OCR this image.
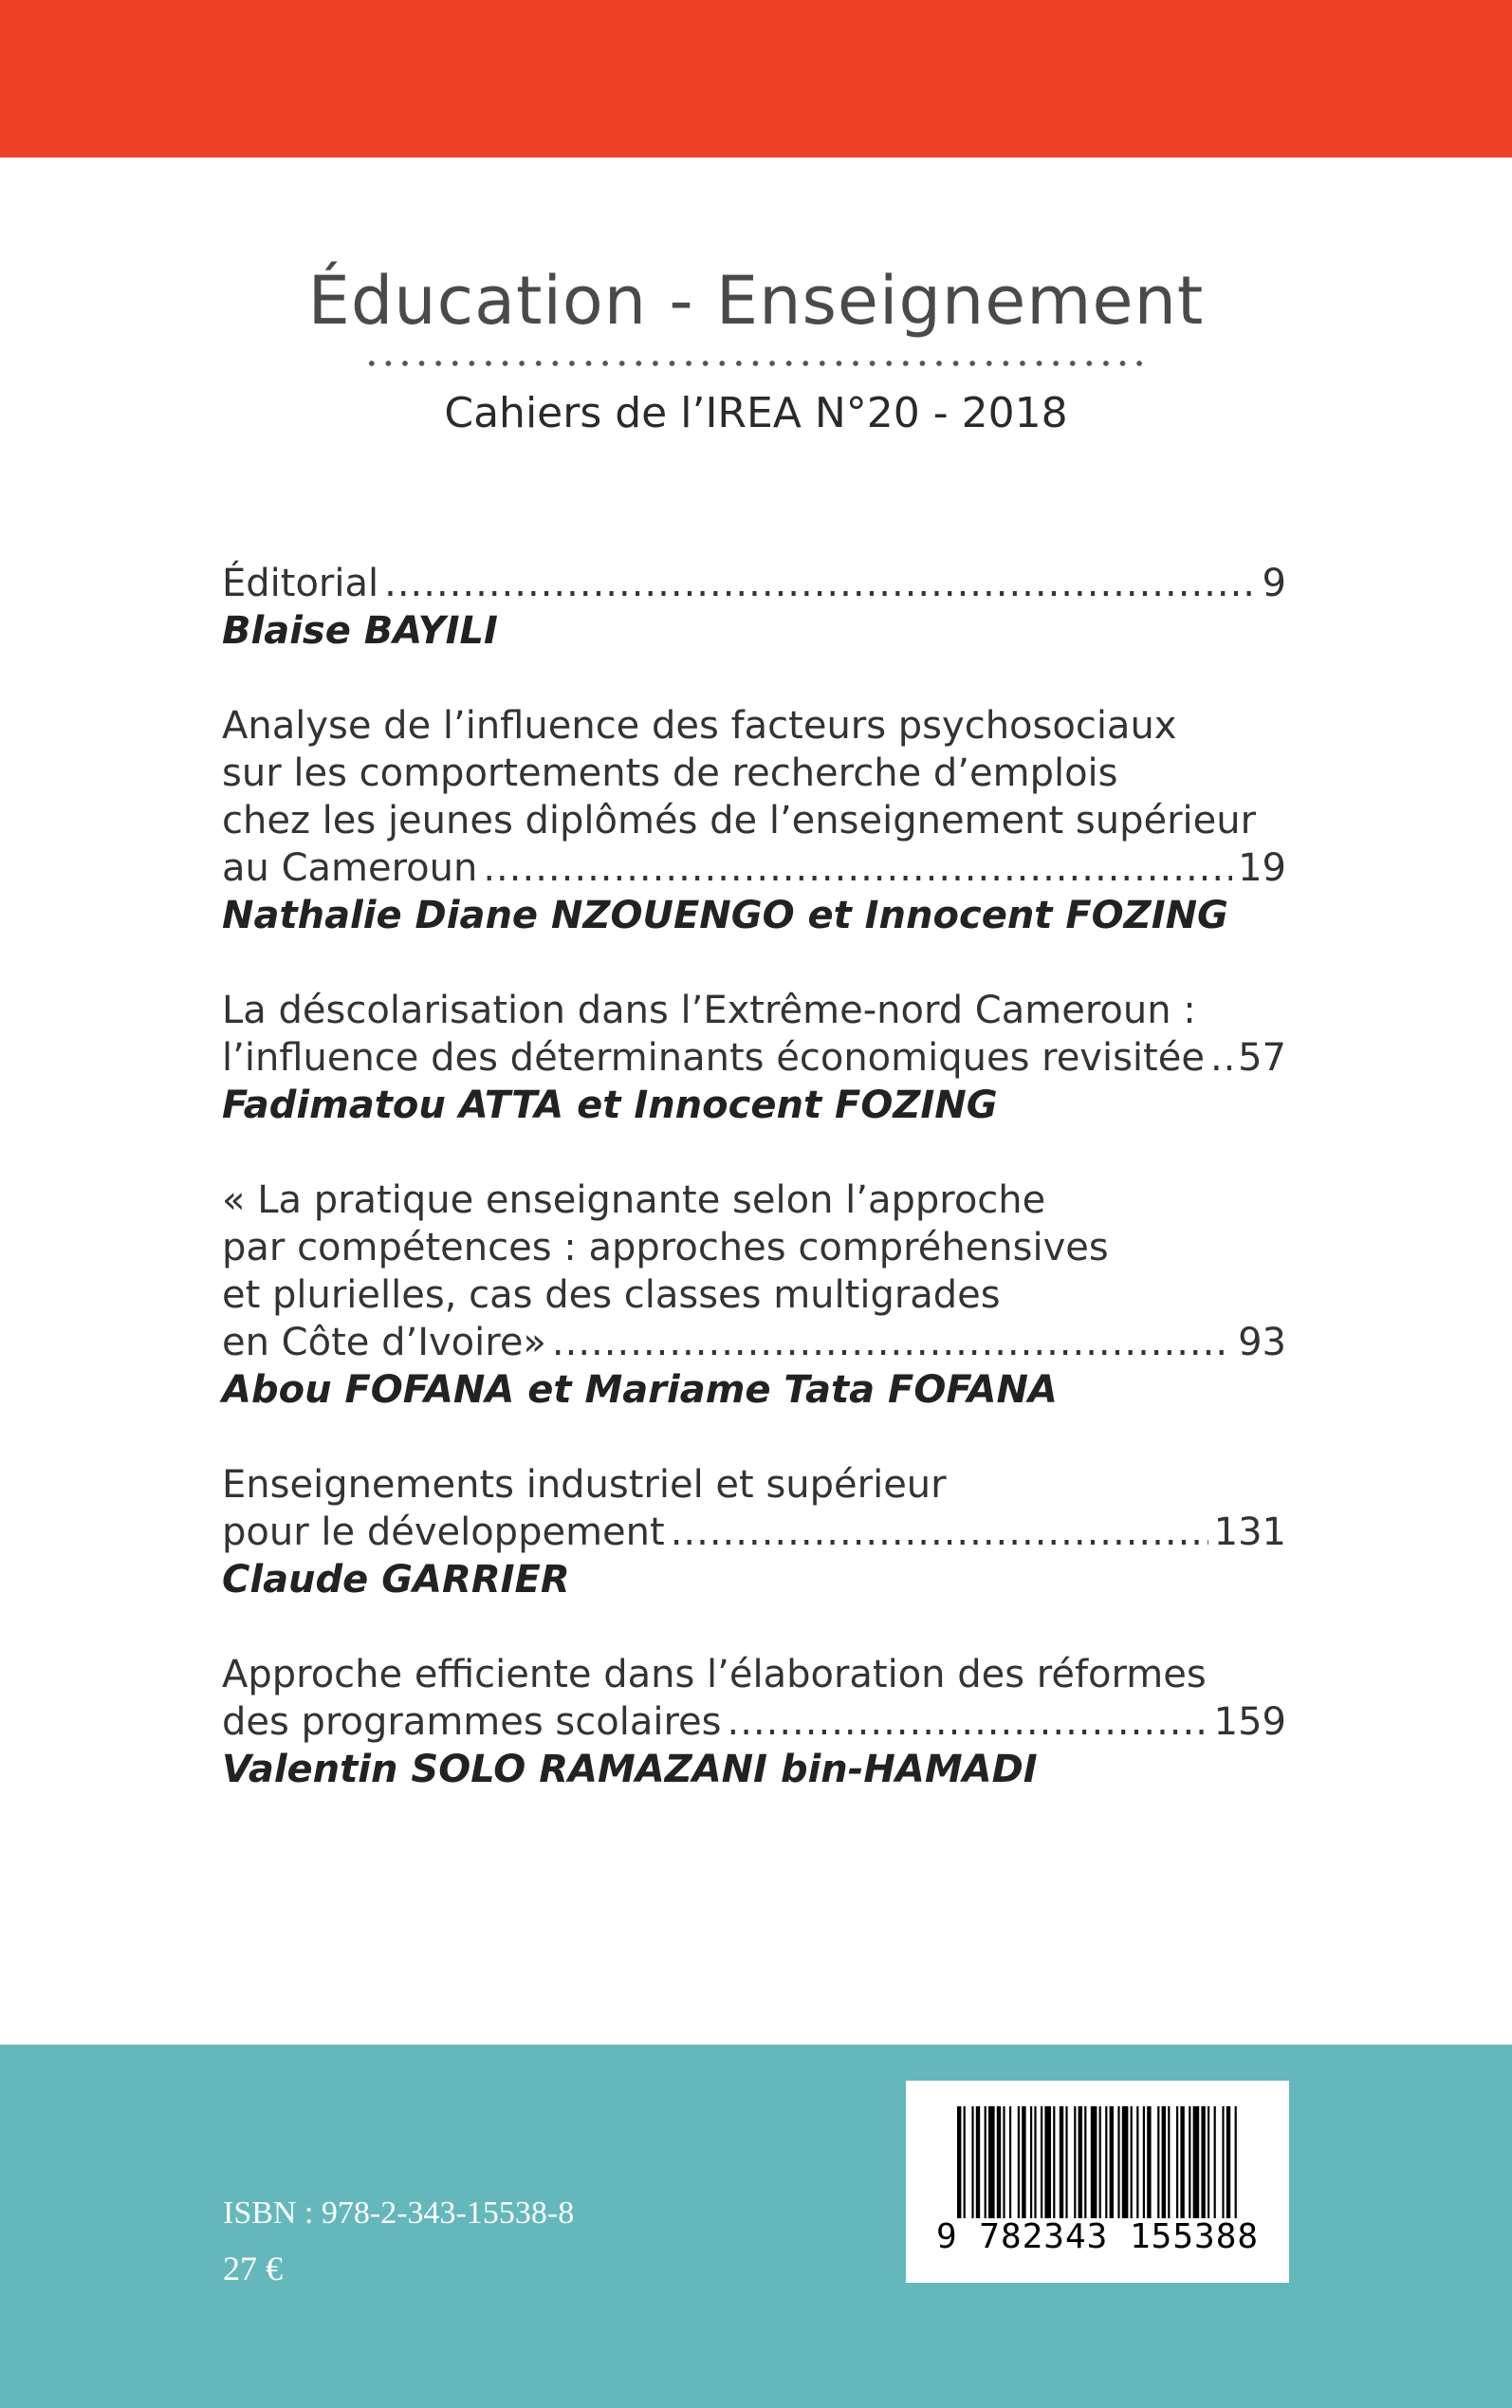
Éducation - Enseignement
Cahiers de l’IREA N°20 - 2018
Éditorial .....	9
Blaise BAYILI
Analyse de l’influence des facteurs psychosociaux
sur les comportements de recherche d’emplois
chez les jeunes diplômés de l’enseignement supérieur
au Cameroun .....	19
Nathalie Diane NZOUENGO et Innocent FOZING
La déscolarisation dans l’Extrême-nord Cameroun :
l’influence des déterminants économiques revisitée ..... 57
Fadimatou ATTA et Innocent FOZING
« La pratique enseignante selon l’approche
par compétences : approches compréhensives
et plurielles, cas des classes multigrades
en Côte d’Ivoire» .....	93
Abou FOFANA et Mariame Tata FOFANA
Enseignements industriel et supérieur
pour le développement .....	131
Claude GARRIER
Approche efficiente dans l’élaboration des réformes
des programmes scolaires .....	159
Valentin SOLO RAMAZANI bin-HAMADI
ISBN : 978-2-343-15538-8
27 €
9 782343 155388
